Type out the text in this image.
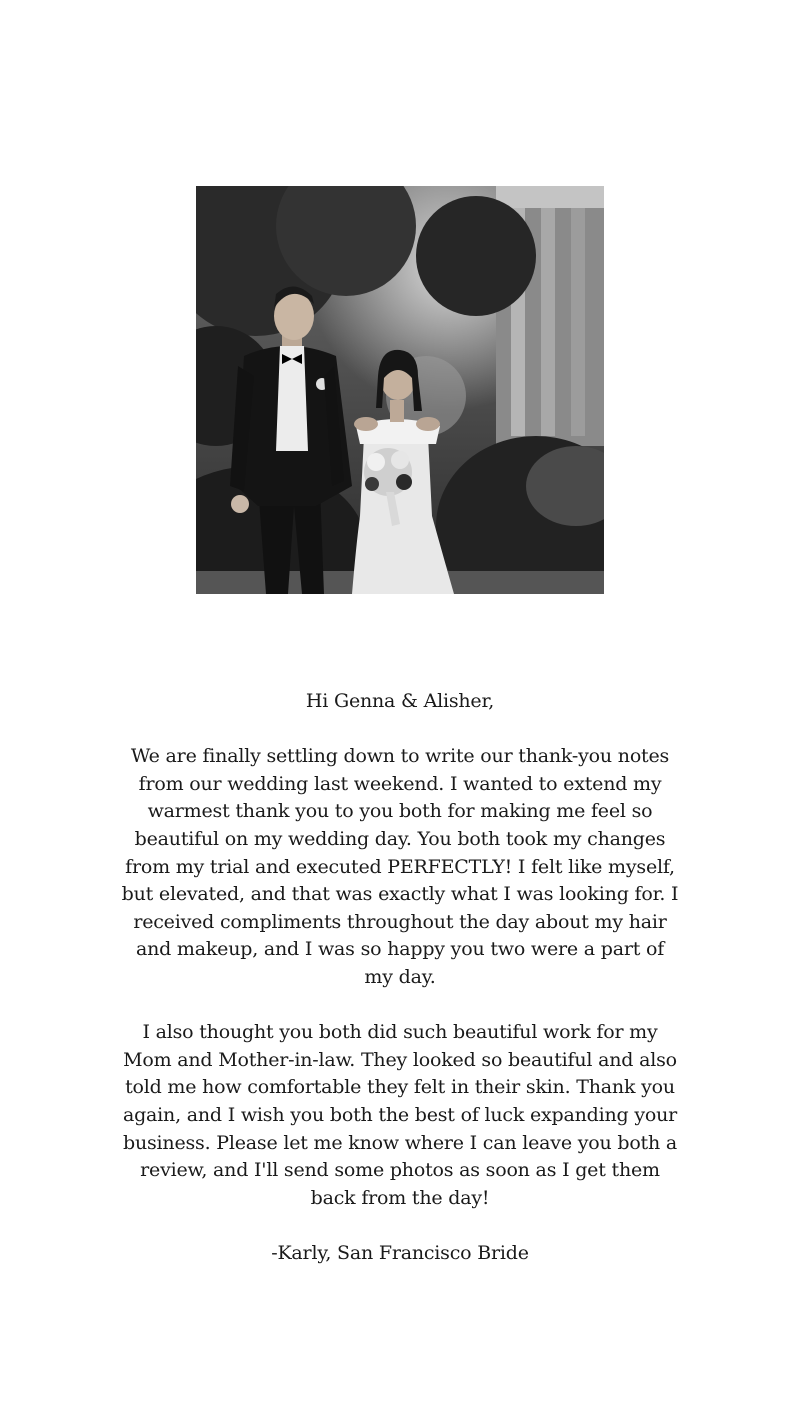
Hi Genna & Alisher,

We are finally settling down to write our thank-you notes from our wedding last weekend. I wanted to extend my warmest thank you to you both for making me feel so beautiful on my wedding day. You both took my changes from my trial and executed PERFECTLY! I felt like myself, but elevated, and that was exactly what I was looking for. I received compliments throughout the day about my hair and makeup, and I was so happy you two were a part of my day.

I also thought you both did such beautiful work for my Mom and Mother-in-law. They looked so beautiful and also told me how comfortable they felt in their skin. Thank you again, and I wish you both the best of luck expanding your business. Please let me know where I can leave you both a review, and I'll send some photos as soon as I get them back from the day!

-Karly, San Francisco Bride
